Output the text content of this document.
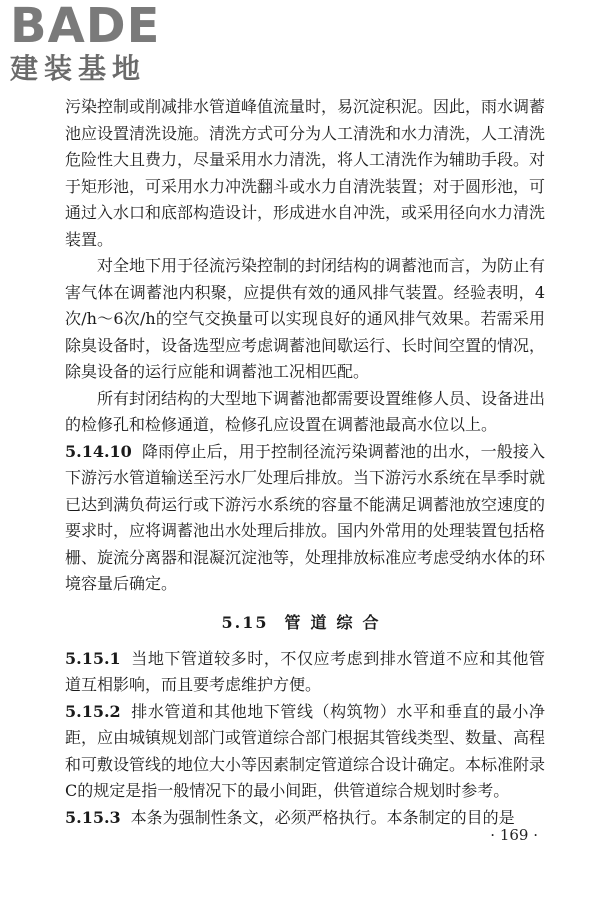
BADE
建装基地

污染控制或削减排水管道峰值流量时，易沉淀积泥。因此，雨水调蓄池应设置清洗设施。清洗方式可分为人工清洗和水力清洗，人工清洗危险性大且费力，尽量采用水力清洗，将人工清洗作为辅助手段。对于矩形池，可采用水力冲洗翻斗或水力自清洗装置；对于圆形池，可通过入水口和底部构造设计，形成进水自冲洗，或采用径向水力清洗装置。

对全地下用于径流污染控制的封闭结构的调蓄池而言，为防止有害气体在调蓄池内积聚，应提供有效的通风排气装置。经验表明，4次/h～6次/h的空气交换量可以实现良好的通风排气效果。若需采用除臭设备时，设备选型应考虑调蓄池间歇运行、长时间空置的情况，除臭设备的运行应能和调蓄池工况相匹配。

所有封闭结构的大型地下调蓄池都需要设置维修人员、设备进出的检修孔和检修通道，检修孔应设置在调蓄池最高水位以上。

5.14.10 降雨停止后，用于控制径流污染调蓄池的出水，一般接入下游污水管道输送至污水厂处理后排放。当下游污水系统在旱季时就已达到满负荷运行或下游污水系统的容量不能满足调蓄池放空速度的要求时，应将调蓄池出水处理后排放。国内外常用的处理装置包括格栅、旋流分离器和混凝沉淀池等，处理排放标准应考虑受纳水体的环境容量后确定。

5.15 管道综合

5.15.1 当地下管道较多时，不仅应考虑到排水管道不应和其他管道互相影响，而且要考虑维护方便。

5.15.2 排水管道和其他地下管线（构筑物）水平和垂直的最小净距，应由城镇规划部门或管道综合部门根据其管线类型、数量、高程和可敷设管线的地位大小等因素制定管道综合设计确定。本标准附录C的规定是指一般情况下的最小间距，供管道综合规划时参考。

5.15.3 本条为强制性条文，必须严格执行。本条制定的目的是

· 169 ·
